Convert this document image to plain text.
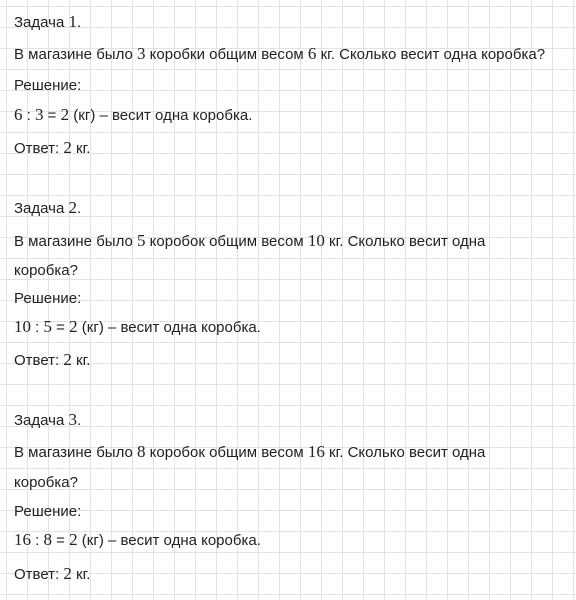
Задача 1.
В магазине было 3 коробки общим весом 6 кг. Сколько весит одна коробка?
Решение:
6 : 3 = 2 (кг) – весит одна коробка.
Ответ: 2 кг.
Задача 2.
В магазине было 5 коробок общим весом 10 кг. Сколько весит одна
коробка?
Решение:
10 : 5 = 2 (кг) – весит одна коробка.
Ответ: 2 кг.
Задача 3.
В магазине было 8 коробок общим весом 16 кг. Сколько весит одна
коробка?
Решение:
16 : 8 = 2 (кг) – весит одна коробка.
Ответ: 2 кг.
